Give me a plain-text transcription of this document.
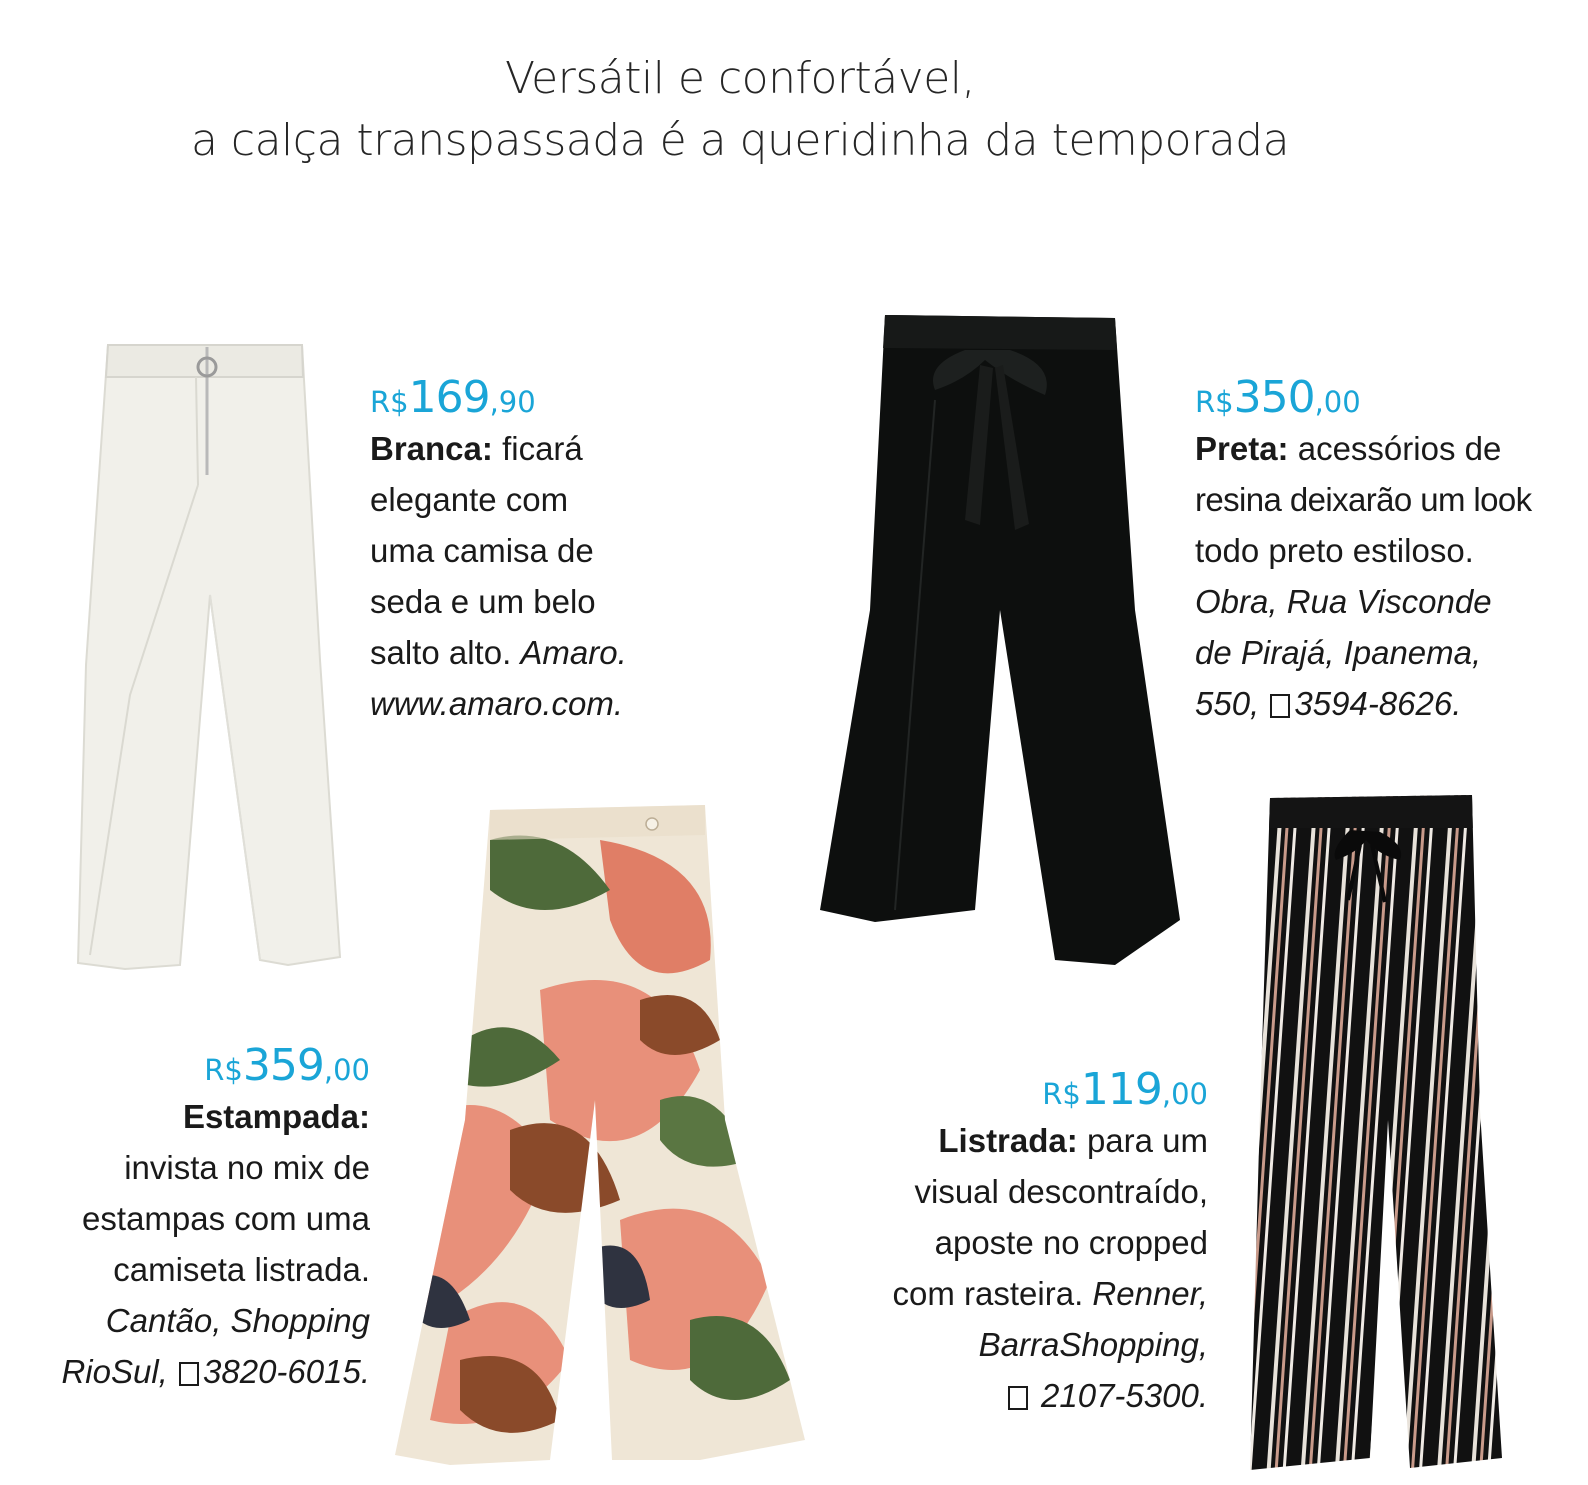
Versátil e confortável,
a calça transpassada é a queridinha da temporada
R$169,90
Branca: ficará
elegante com
uma camisa de
seda e um belo
salto alto. Amaro.
www.amaro.com.
R$350,00
Preta: acessórios de
resina deixarão um look
todo preto estiloso.
Obra, Rua Visconde
de Pirajá, Ipanema,
550, 3594-8626.
R$359,00
Estampada:
invista no mix de
estampas com uma
camiseta listrada.
Cantão, Shopping
RioSul, 3820-6015.
R$119,00
Listrada: para um
visual descontraído,
aposte no cropped
com rasteira. Renner,
BarraShopping,
2107-5300.
